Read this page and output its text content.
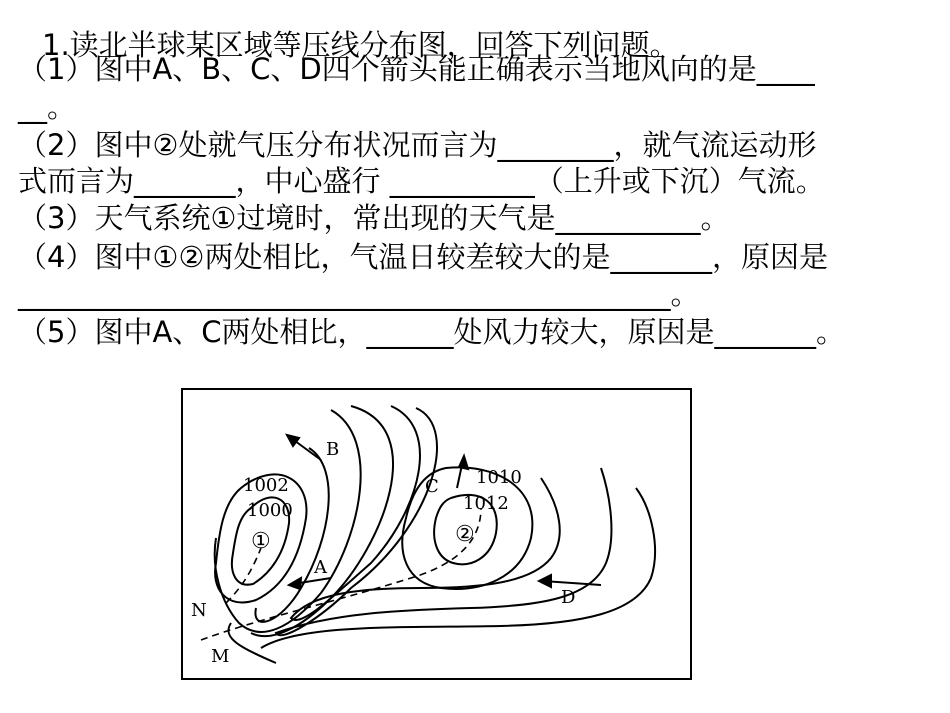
1.读北半球某区域等压线分布图，回答下列问题。
（1）图中A、B、C、D四个箭头能正确表示当地风向的是____
__。
（2）图中②处就气压分布状况而言为________，就气流运动形
式而言为_______，中心盛行 __________（上升或下沉）气流。
（3）天气系统①过境时，常出现的天气是__________。
（4）图中①②两处相比，气温日较差较大的是_______，原因是
_____________________________________________。
（5）图中A、C两处相比，______处风力较大，原因是_______。
A
B
C
D
M
N
1002
1000
1010
1012
①	②
